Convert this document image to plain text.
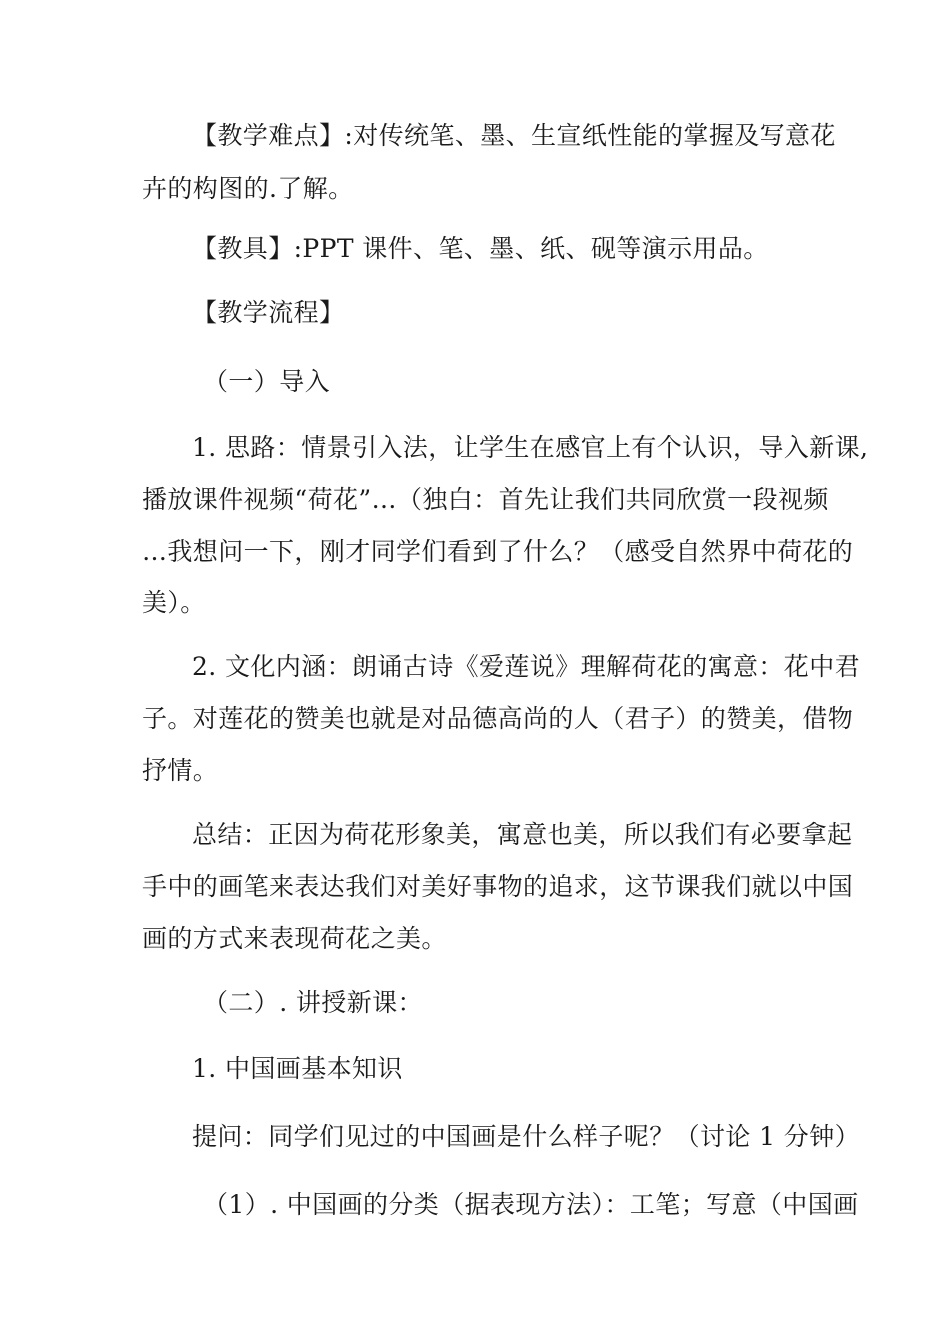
【教学难点】:对传统笔、墨、生宣纸性能的掌握及写意花
卉的构图的.了解。
【教具】:PPT 课件、笔、墨、纸、砚等演示用品。
【教学流程】
（一）导入
1. 思路：情景引入法，让学生在感官上有个认识，导入新课,
播放课件视频“荷花”…（独白：首先让我们共同欣赏一段视频
…我想问一下，刚才同学们看到了什么？（感受自然界中荷花的
美）。
2. 文化内涵：朗诵古诗《爱莲说》理解荷花的寓意：花中君
子。对莲花的赞美也就是对品德高尚的人（君子）的赞美，借物
抒情。
总结：正因为荷花形象美，寓意也美，所以我们有必要拿起
手中的画笔来表达我们对美好事物的追求，这节课我们就以中国
画的方式来表现荷花之美。
（二）. 讲授新课：
1. 中国画基本知识
提问：同学们见过的中国画是什么样子呢？（讨论 1 分钟）
（1）. 中国画的分类（据表现方法）：工笔；写意（中国画
